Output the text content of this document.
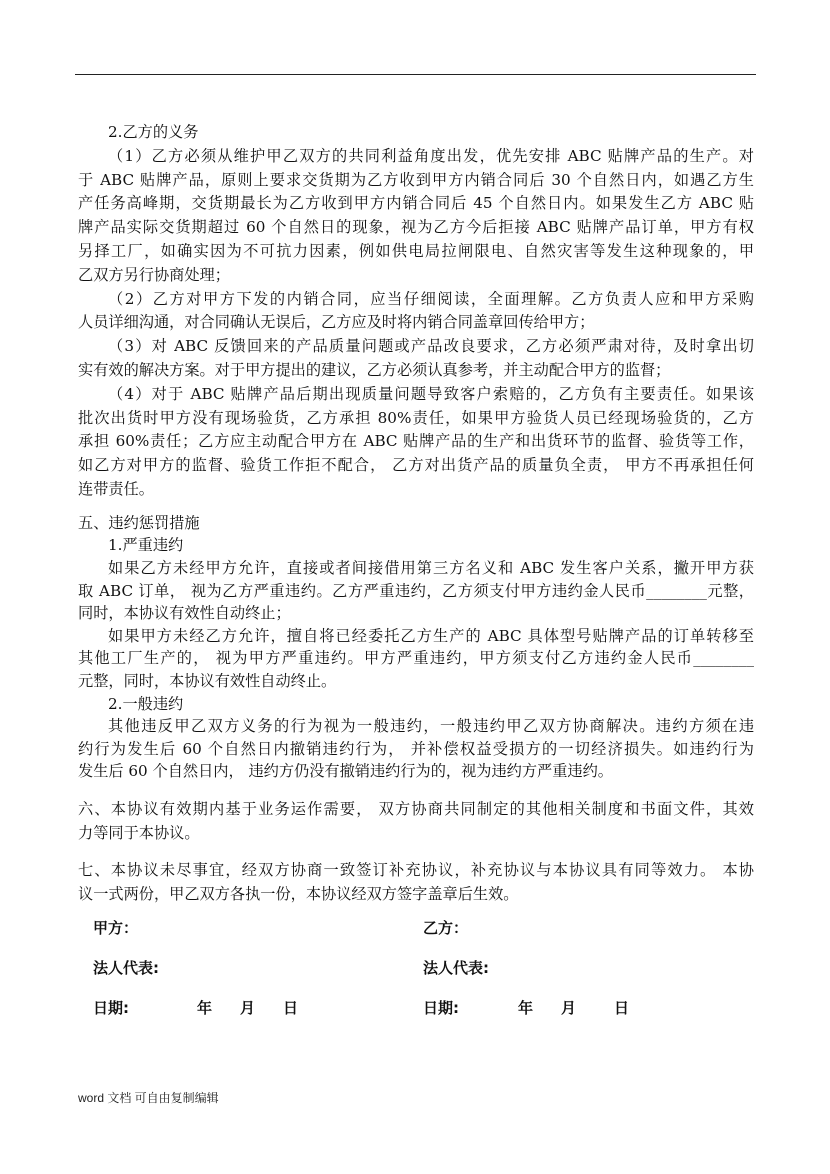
2.乙方的义务
（1）乙方必须从维护甲乙双方的共同利益角度出发，优先安排 ABC 贴牌产品的生产。对
于 ABC 贴牌产品，原则上要求交货期为乙方收到甲方内销合同后 30 个自然日内，如遇乙方生
产任务高峰期，交货期最长为乙方收到甲方内销合同后 45 个自然日内。如果发生乙方 ABC 贴
牌产品实际交货期超过 60 个自然日的现象，视为乙方今后拒接 ABC 贴牌产品订单，甲方有权
另择工厂，如确实因为不可抗力因素，例如供电局拉闸限电、自然灾害等发生这种现象的，甲
乙双方另行协商处理；
（2）乙方对甲方下发的内销合同，应当仔细阅读，全面理解。乙方负责人应和甲方采购
人员详细沟通，对合同确认无误后，乙方应及时将内销合同盖章回传给甲方；
（3）对 ABC 反馈回来的产品质量问题或产品改良要求，乙方必须严肃对待，及时拿出切
实有效的解决方案。对于甲方提出的建议，乙方必须认真参考，并主动配合甲方的监督；
（4）对于 ABC 贴牌产品后期出现质量问题导致客户索赔的，乙方负有主要责任。如果该
批次出货时甲方没有现场验货，乙方承担 80%责任，如果甲方验货人员已经现场验货的，乙方
承担 60%责任；乙方应主动配合甲方在 ABC 贴牌产品的生产和出货环节的监督、验货等工作，
如乙方对甲方的监督、验货工作拒不配合， 乙方对出货产品的质量负全责， 甲方不再承担任何
连带责任。
五、违约惩罚措施
1.严重违约
如果乙方未经甲方允许，直接或者间接借用第三方名义和 ABC 发生客户关系，撇开甲方获
取 ABC 订单， 视为乙方严重违约。乙方严重违约，乙方须支付甲方违约金人民币________元整，
同时，本协议有效性自动终止；
如果甲方未经乙方允许，擅自将已经委托乙方生产的 ABC 具体型号贴牌产品的订单转移至
其他工厂生产的， 视为甲方严重违约。甲方严重违约，甲方须支付乙方违约金人民币________
元整，同时，本协议有效性自动终止。
2.一般违约
其他违反甲乙双方义务的行为视为一般违约，一般违约甲乙双方协商解决。违约方须在违
约行为发生后 60 个自然日内撤销违约行为， 并补偿权益受损方的一切经济损失。如违约行为
发生后 60 个自然日内， 违约方仍没有撤销违约行为的，视为违约方严重违约。
六、本协议有效期内基于业务运作需要， 双方协商共同制定的其他相关制度和书面文件，其效
力等同于本协议。
七、本协议未尽事宜，经双方协商一致签订补充协议，补充协议与本协议具有同等效力。 本协
议一式两份，甲乙双方各执一份，本协议经双方签字盖章后生效。
甲方：	乙方：
法人代表:	法人代表:
日期:	年	月	日	日期:	年	月	日
word 文档 可自由复制编辑
